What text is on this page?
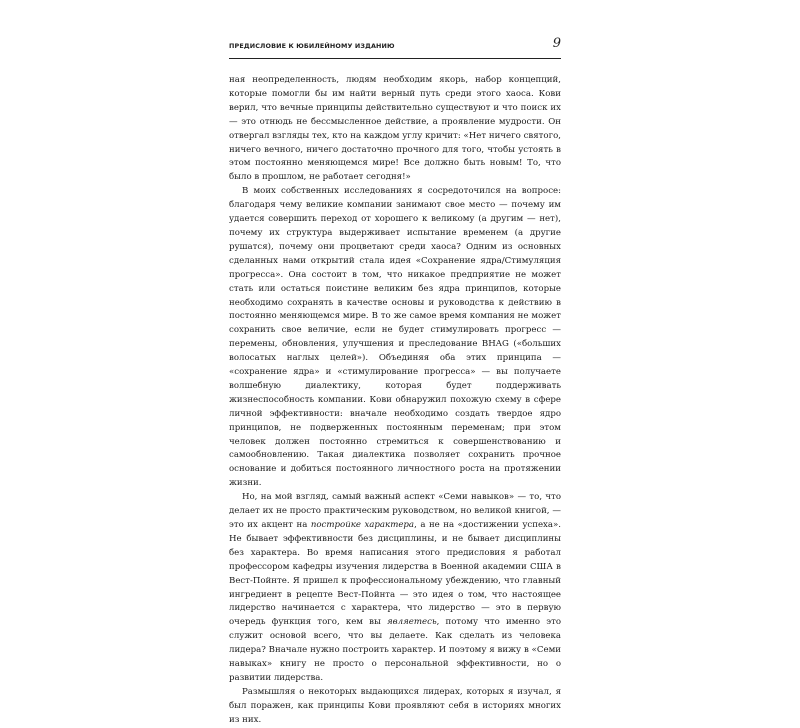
ПРЕДИСЛОВИЕ К ЮБИЛЕЙНОМУ ИЗДАНИЮ	9

ная неопределенность, людям необходим якорь, набор концепций, которые помогли бы им найти верный путь среди этого хаоса. Кови верил, что вечные принципы действительно существуют и что поиск их — это отнюдь не бессмысленное действие, а проявление мудрости. Он отвергал взгляды тех, кто на каждом углу кричит: «Нет ничего святого, ничего вечного, ничего достаточно прочного для того, чтобы устоять в этом постоянно меняющемся мире! Все должно быть новым! То, что было в прошлом, не работает сегодня!»

В моих собственных исследованиях я сосредоточился на вопросе: благодаря чему великие компании занимают свое место — почему им удается совершить переход от хорошего к великому (а другим — нет), почему их структура выдерживает испытание временем (а другие рушатся), почему они процветают среди хаоса? Одним из основных сделанных нами открытий стала идея «Сохранение ядра/Стимуляция прогресса». Она состоит в том, что никакое предприятие не может стать или остаться поистине великим без ядра принципов, которые необходимо сохранять в качестве основы и руководства к действию в постоянно меняющемся мире. В то же самое время компания не может сохранить свое величие, если не будет стимулировать прогресс — перемены, обновления, улучшения и преследование BHAG («больших волосатых наглых целей»). Объединяя оба этих принципа — «сохранение ядра» и «стимулирование прогресса» — вы получаете волшебную диалектику, которая будет поддерживать жизнеспособность компании. Кови обнаружил похожую схему в сфере личной эффективности: вначале необходимо создать твердое ядро принципов, не подверженных постоянным переменам; при этом человек должен постоянно стремиться к совершенствованию и самообновлению. Такая диалектика позволяет сохранить прочное основание и добиться постоянного личностного роста на протяжении жизни.

Но, на мой взгляд, самый важный аспект «Семи навыков» — то, что делает их не просто практическим руководством, но великой книгой, — это их акцент на постройке характера, а не на «достижении успеха». Не бывает эффективности без дисциплины, и не бывает дисциплины без характера. Во время написания этого предисловия я работал профессором кафедры изучения лидерства в Военной академии США в Вест-Пойнте. Я пришел к профессиональному убеждению, что главный ингредиент в рецепте Вест-Пойнта — это идея о том, что настоящее лидерство начинается с характера, что лидерство — это в первую очередь функция того, кем вы являетесь, потому что именно это служит основой всего, что вы делаете. Как сделать из человека лидера? Вначале нужно построить характер. И поэтому я вижу в «Семи навыках» книгу не просто о персональной эффективности, но о развитии лидерства.

Размышляя о некоторых выдающихся лидерах, которых я изучал, я был поражен, как принципы Кови проявляют себя в историях многих из них.
